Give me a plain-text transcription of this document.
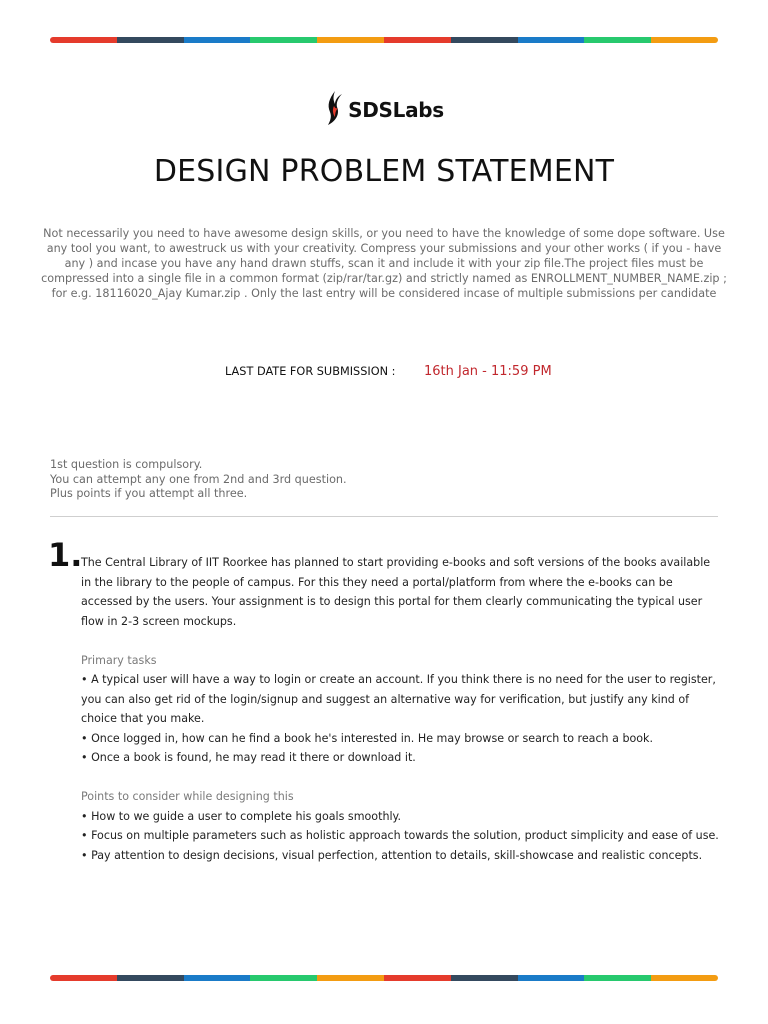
SDSLabs
DESIGN PROBLEM STATEMENT

Not necessarily you need to have awesome design skills, or you need to have the knowledge of some dope software. Use any tool you want, to awestruck us with your creativity. Compress your submissions and your other works ( if you - have any ) and incase you have any hand drawn stuffs, scan it and include it with your zip file.The project files must be compressed into a single file in a common format (zip/rar/tar.gz) and strictly named as ENROLLMENT_NUMBER_NAME.zip ; for e.g. 18116020_Ajay Kumar.zip . Only the last entry will be considered incase of multiple submissions per candidate

LAST DATE FOR SUBMISSION :	16th Jan - 11:59 PM
1st question is compulsory.
You can attempt any one from 2nd and 3rd question.
Plus points if you attempt all three.
1.

The Central Library of IIT Roorkee has planned to start providing e-books and soft versions of the books available in the library to the people of campus. For this they need a portal/platform from where the e-books can be accessed by the users. Your assignment is to design this portal for them clearly communicating the typical user flow in 2-3 screen mockups.

Primary tasks

• A typical user will have a way to login or create an account. If you think there is no need for the user to register, you can also get rid of the login/signup and suggest an alternative way for verification, but justify any kind of choice that you make.

• Once logged in, how can he find a book he's interested in. He may browse or search to reach a book.

• Once a book is found, he may read it there or download it.

Points to consider while designing this

• How to we guide a user to complete his goals smoothly.

• Focus on multiple parameters such as holistic approach towards the solution, product simplicity and ease of use.

• Pay attention to design decisions, visual perfection, attention to details, skill-showcase and realistic concepts.
